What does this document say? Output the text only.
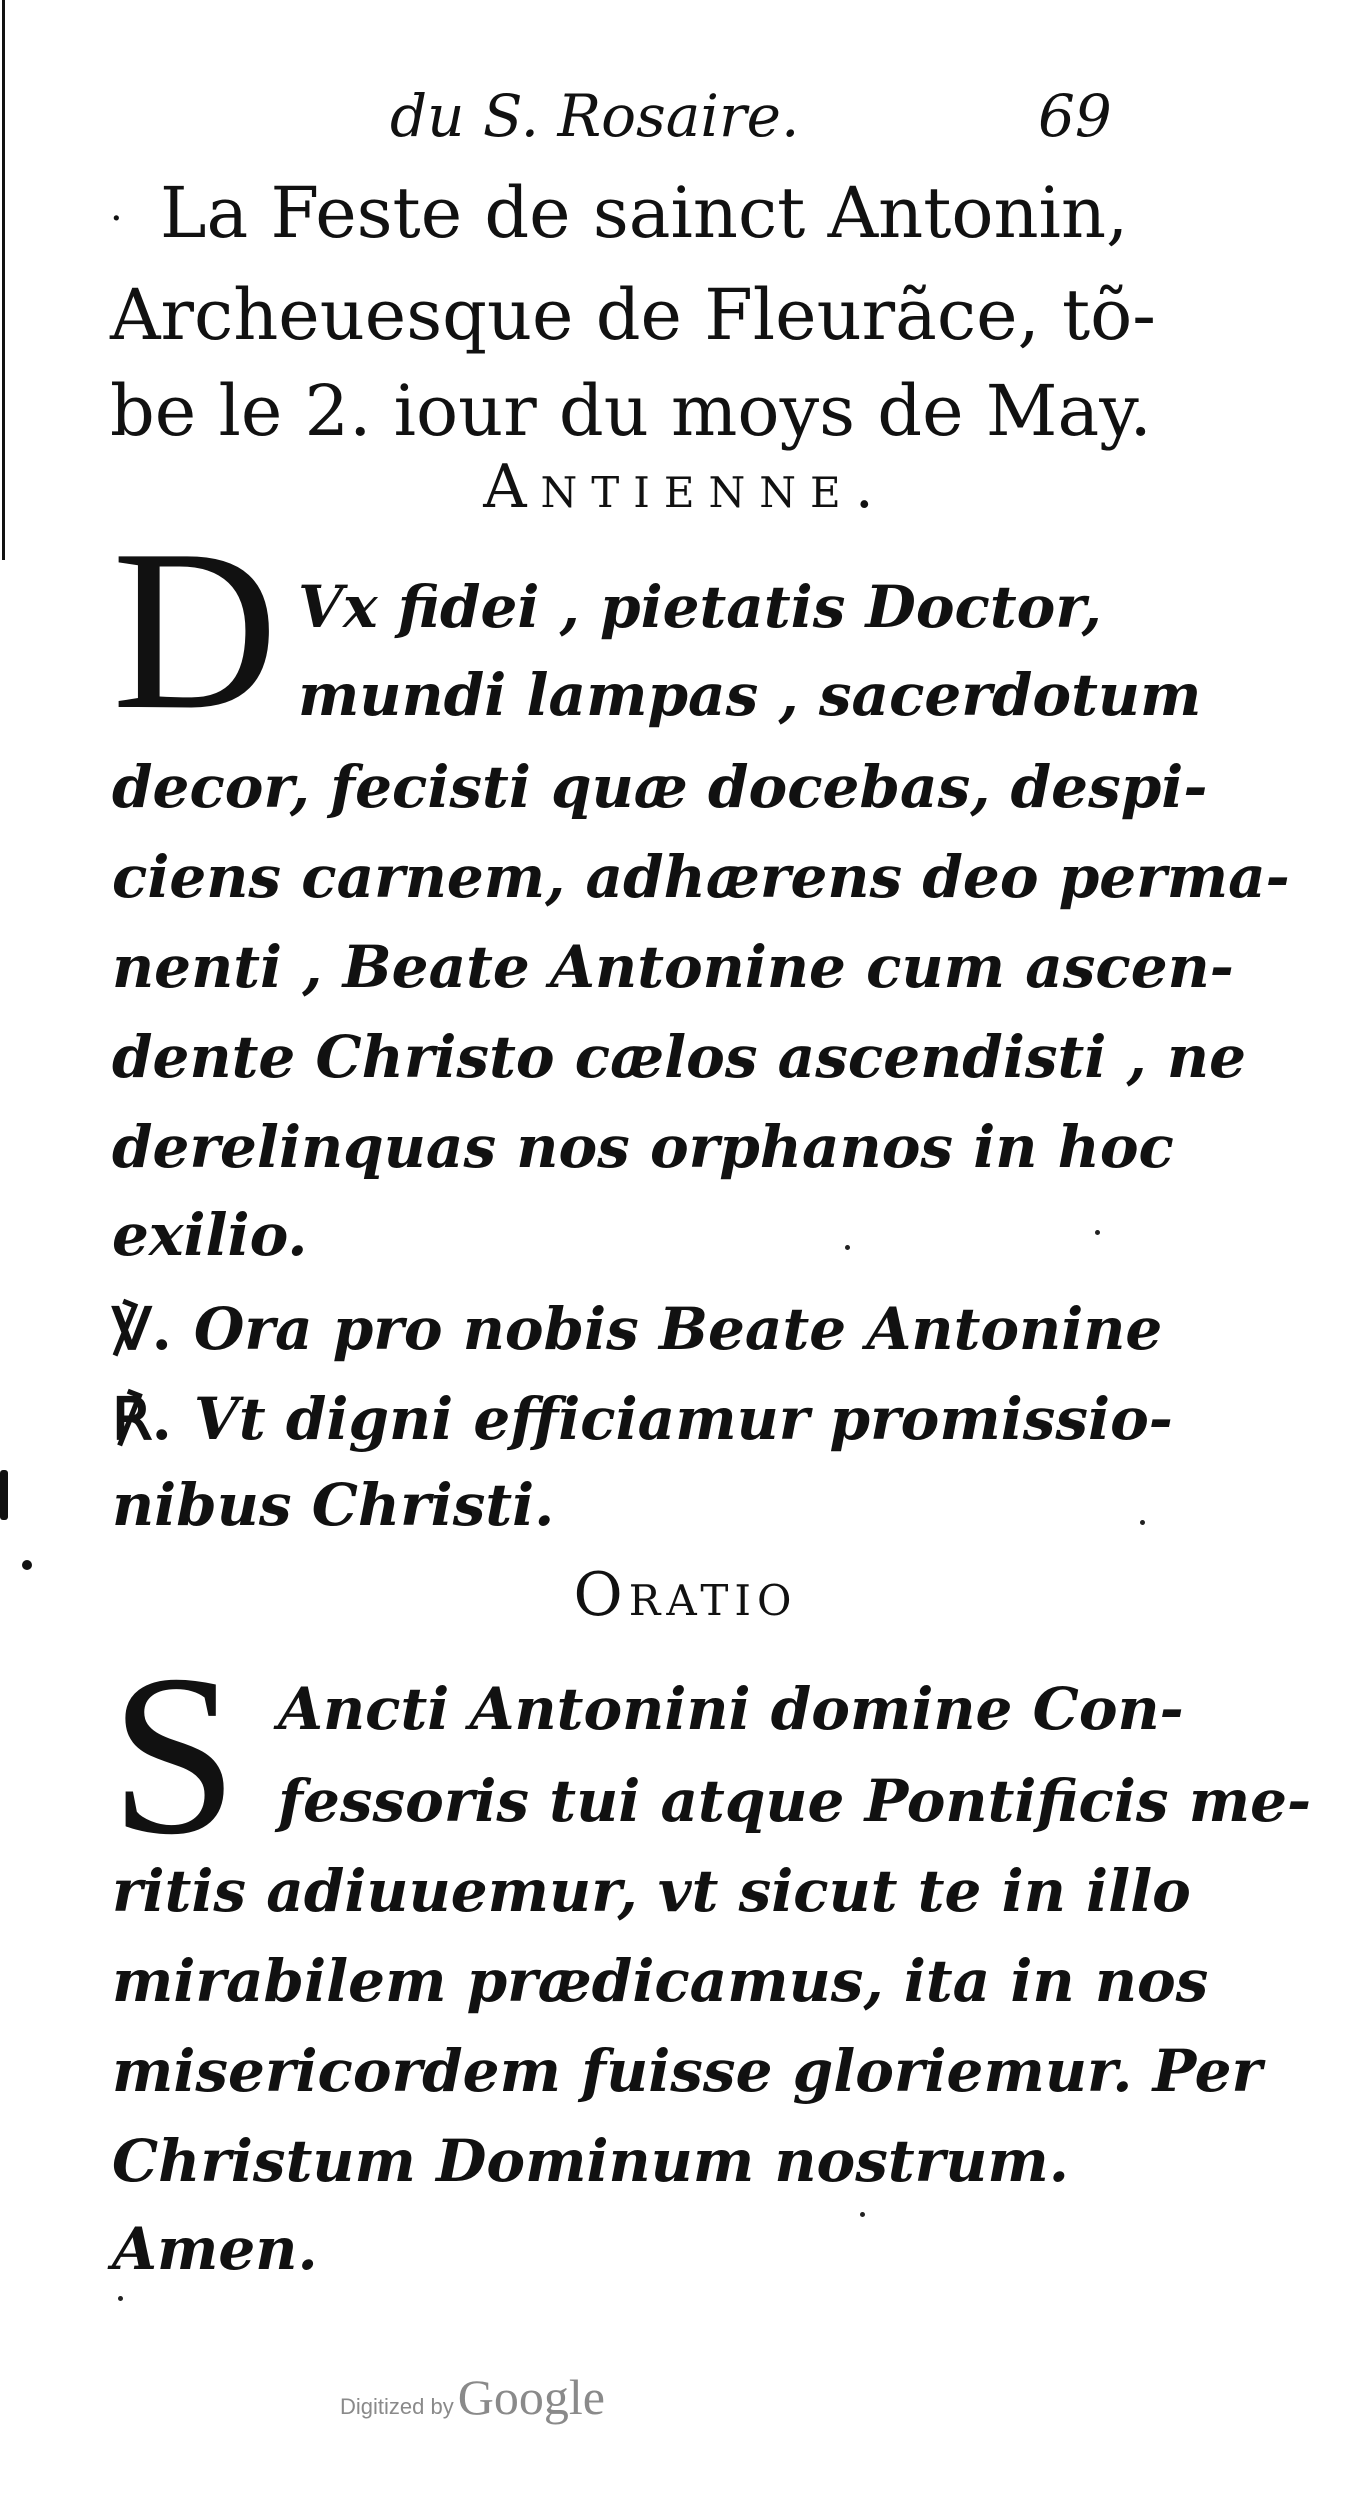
du S. Rosaire.	69
· La Feste de sainct Antonin,
Archeuesque de Fleurãce, tõ-
be le 2. iour du moys de May.
Antienne.
D Vx fidei , pietatis Doctor,
mundi lampas , sacerdotum
decor, fecisti quæ docebas, despi-
ciens carnem, adhærens deo perma-
nenti , Beate Antonine cum ascen-
dente Christo cælos ascendisti , ne
derelinquas nos orphanos in hoc
exilio.
℣. Ora pro nobis Beate Antonine
℟. Vt digni efficiamur promissio-
nibus Christi.
Oratio
S Ancti Antonini domine Con-
fessoris tui atque Pontificis me-
ritis adiuuemur, vt sicut te in illo
mirabilem prædicamus, ita in nos
misericordem fuisse gloriemur. Per
Christum Dominum nostrum.
Amen.
Digitized byGoogle
